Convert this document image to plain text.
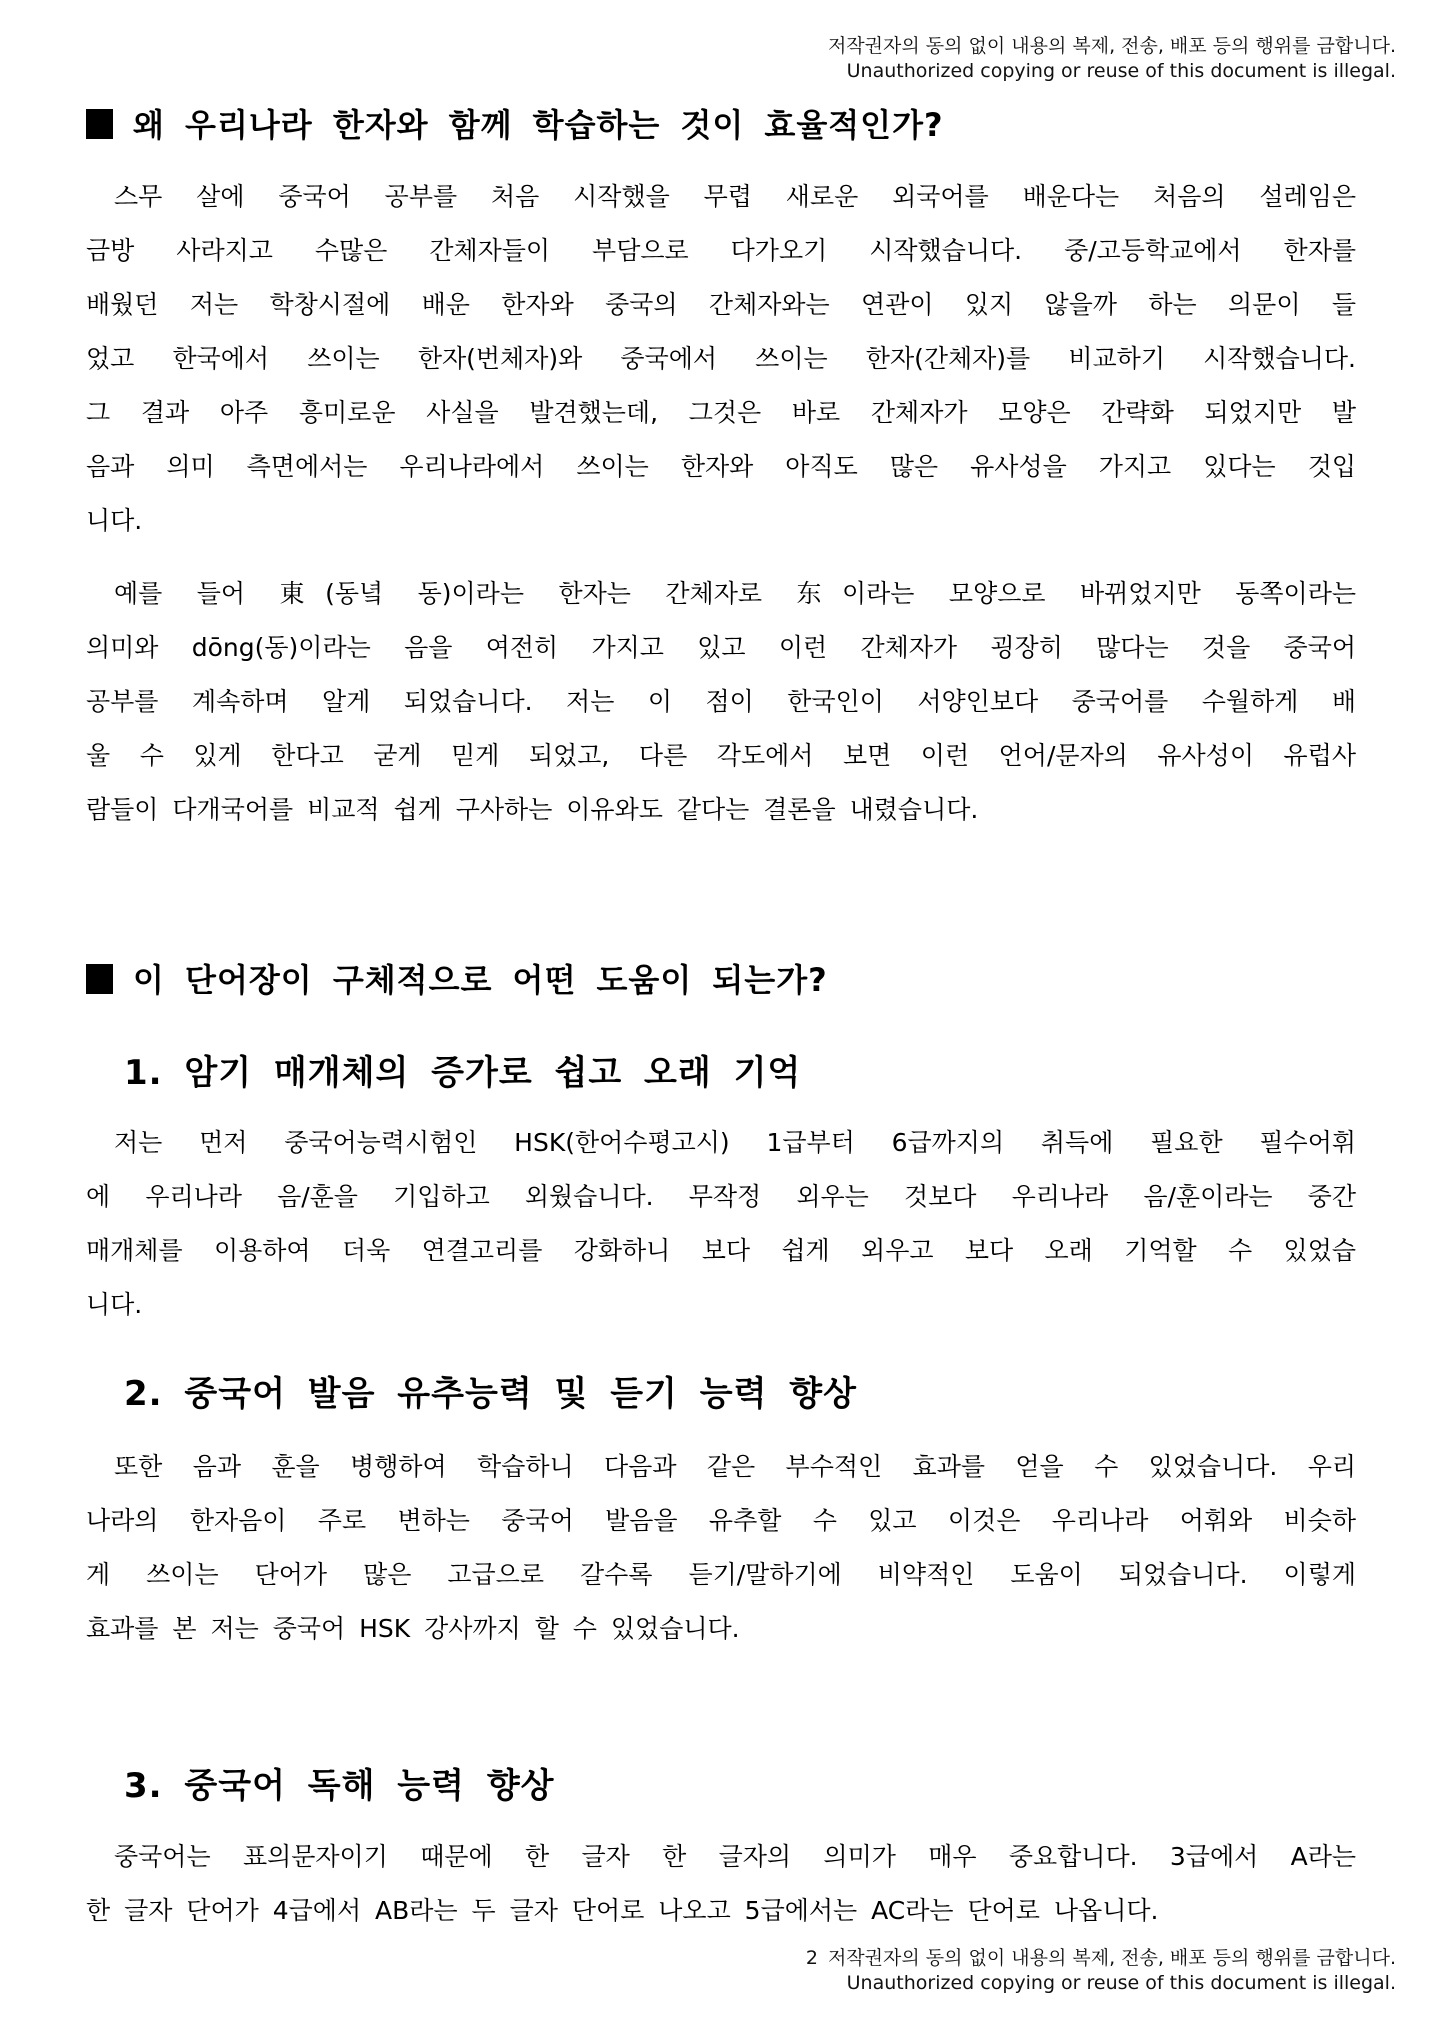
저작권자의 동의 없이 내용의 복제, 전송, 배포 등의 행위를 금합니다.
Unauthorized copying or reuse of this document is illegal.
왜 우리나라 한자와 함께 학습하는 것이 효율적인가?
스무 살에 중국어 공부를 처음 시작했을 무렵 새로운 외국어를 배운다는 처음의 설레임은
금방 사라지고 수많은 간체자들이 부담으로 다가오기 시작했습니다. 중/고등학교에서 한자를
배웠던 저는 학창시절에 배운 한자와 중국의 간체자와는 연관이 있지 않을까 하는 의문이 들
었고 한국에서 쓰이는 한자(번체자)와 중국에서 쓰이는 한자(간체자)를 비교하기 시작했습니다.
그 결과 아주 흥미로운 사실을 발견했는데, 그것은 바로 간체자가 모양은 간략화 되었지만 발
음과 의미 측면에서는 우리나라에서 쓰이는 한자와 아직도 많은 유사성을 가지고 있다는 것입
니다.
예를 들어 東(동녘 동)이라는 한자는 간체자로 东이라는 모양으로 바뀌었지만 동쪽이라는
의미와 dōng(동)이라는 음을 여전히 가지고 있고 이런 간체자가 굉장히 많다는 것을 중국어
공부를 계속하며 알게 되었습니다. 저는 이 점이 한국인이 서양인보다 중국어를 수월하게 배
울 수 있게 한다고 굳게 믿게 되었고, 다른 각도에서 보면 이런 언어/문자의 유사성이 유럽사
람들이 다개국어를 비교적 쉽게 구사하는 이유와도 같다는 결론을 내렸습니다.
이 단어장이 구체적으로 어떤 도움이 되는가?
1. 암기 매개체의 증가로 쉽고 오래 기억
저는 먼저 중국어능력시험인 HSK(한어수평고시) 1급부터 6급까지의 취득에 필요한 필수어휘
에 우리나라 음/훈을 기입하고 외웠습니다. 무작정 외우는 것보다 우리나라 음/훈이라는 중간
매개체를 이용하여 더욱 연결고리를 강화하니 보다 쉽게 외우고 보다 오래 기억할 수 있었습
니다.
2. 중국어 발음 유추능력 및 듣기 능력 향상
또한 음과 훈을 병행하여 학습하니 다음과 같은 부수적인 효과를 얻을 수 있었습니다. 우리
나라의 한자음이 주로 변하는 중국어 발음을 유추할 수 있고 이것은 우리나라 어휘와 비슷하
게 쓰이는 단어가 많은 고급으로 갈수록 듣기/말하기에 비약적인 도움이 되었습니다. 이렇게
효과를 본 저는 중국어 HSK 강사까지 할 수 있었습니다.
3. 중국어 독해 능력 향상
중국어는 표의문자이기 때문에 한 글자 한 글자의 의미가 매우 중요합니다. 3급에서 A라는
한 글자 단어가 4급에서 AB라는 두 글자 단어로 나오고 5급에서는 AC라는 단어로 나옵니다.
2 저작권자의 동의 없이 내용의 복제, 전송, 배포 등의 행위를 금합니다.
Unauthorized copying or reuse of this document is illegal.
